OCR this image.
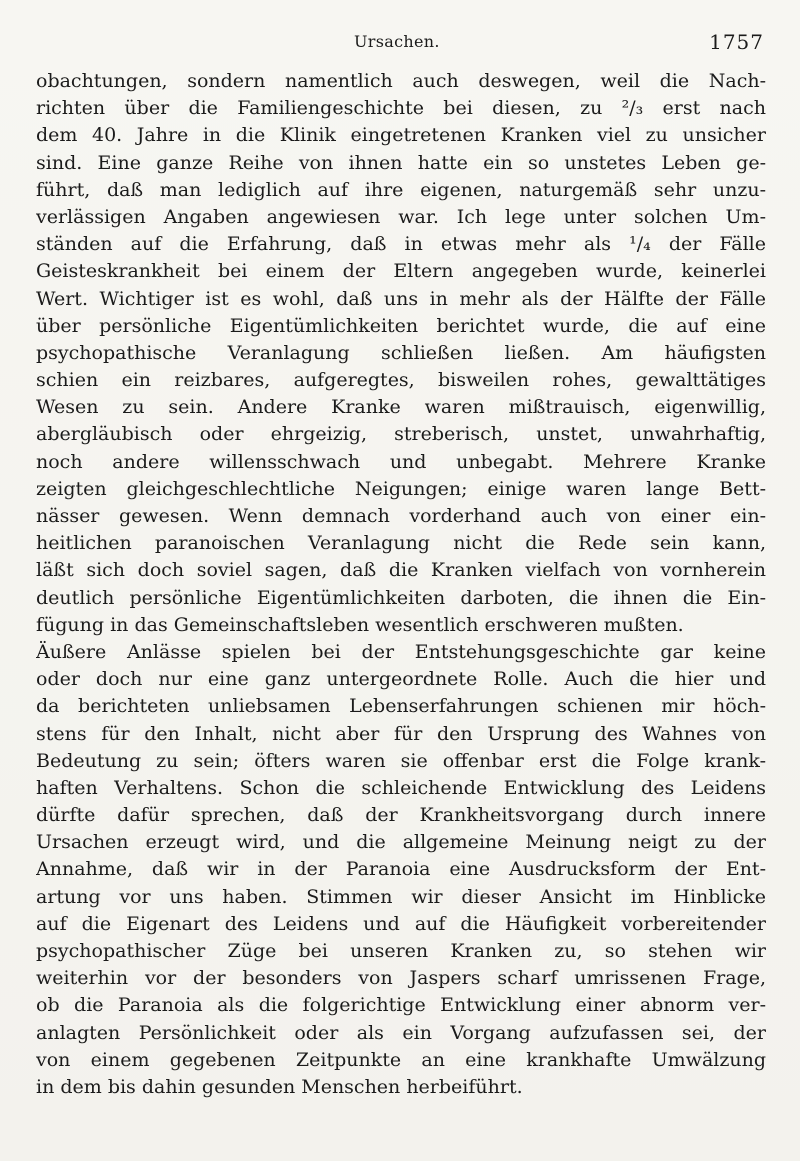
Ursachen.	1757
obachtungen, sondern namentlich auch deswegen, weil die Nach-
richten über die Familiengeschichte bei diesen, zu ²/₃ erst nach
dem 40. Jahre in die Klinik eingetretenen Kranken viel zu unsicher
sind. Eine ganze Reihe von ihnen hatte ein so unstetes Leben ge-
führt, daß man lediglich auf ihre eigenen, naturgemäß sehr unzu-
verlässigen Angaben angewiesen war. Ich lege unter solchen Um-
ständen auf die Erfahrung, daß in etwas mehr als ¹/₄ der Fälle
Geisteskrankheit bei einem der Eltern angegeben wurde, keinerlei
Wert. Wichtiger ist es wohl, daß uns in mehr als der Hälfte der Fälle
über persönliche Eigentümlichkeiten berichtet wurde, die auf eine
psychopathische Veranlagung schließen ließen. Am häufigsten
schien ein reizbares, aufgeregtes, bisweilen rohes, gewalttätiges
Wesen zu sein. Andere Kranke waren mißtrauisch, eigenwillig,
abergläubisch oder ehrgeizig, streberisch, unstet, unwahrhaftig,
noch andere willensschwach und unbegabt. Mehrere Kranke
zeigten gleichgeschlechtliche Neigungen; einige waren lange Bett-
nässer gewesen. Wenn demnach vorderhand auch von einer ein-
heitlichen paranoischen Veranlagung nicht die Rede sein kann,
läßt sich doch soviel sagen, daß die Kranken vielfach von vornherein
deutlich persönliche Eigentümlichkeiten darboten, die ihnen die Ein-
fügung in das Gemeinschaftsleben wesentlich erschweren mußten.
Äußere Anlässe spielen bei der Entstehungsgeschichte gar keine
oder doch nur eine ganz untergeordnete Rolle. Auch die hier und
da berichteten unliebsamen Lebenserfahrungen schienen mir höch-
stens für den Inhalt, nicht aber für den Ursprung des Wahnes von
Bedeutung zu sein; öfters waren sie offenbar erst die Folge krank-
haften Verhaltens. Schon die schleichende Entwicklung des Leidens
dürfte dafür sprechen, daß der Krankheitsvorgang durch innere
Ursachen erzeugt wird, und die allgemeine Meinung neigt zu der
Annahme, daß wir in der Paranoia eine Ausdrucksform der Ent-
artung vor uns haben. Stimmen wir dieser Ansicht im Hinblicke
auf die Eigenart des Leidens und auf die Häufigkeit vorbereitender
psychopathischer Züge bei unseren Kranken zu, so stehen wir
weiterhin vor der besonders von Jaspers scharf umrissenen Frage,
ob die Paranoia als die folgerichtige Entwicklung einer abnorm ver-
anlagten Persönlichkeit oder als ein Vorgang aufzufassen sei, der
von einem gegebenen Zeitpunkte an eine krankhafte Umwälzung
in dem bis dahin gesunden Menschen herbeiführt.
